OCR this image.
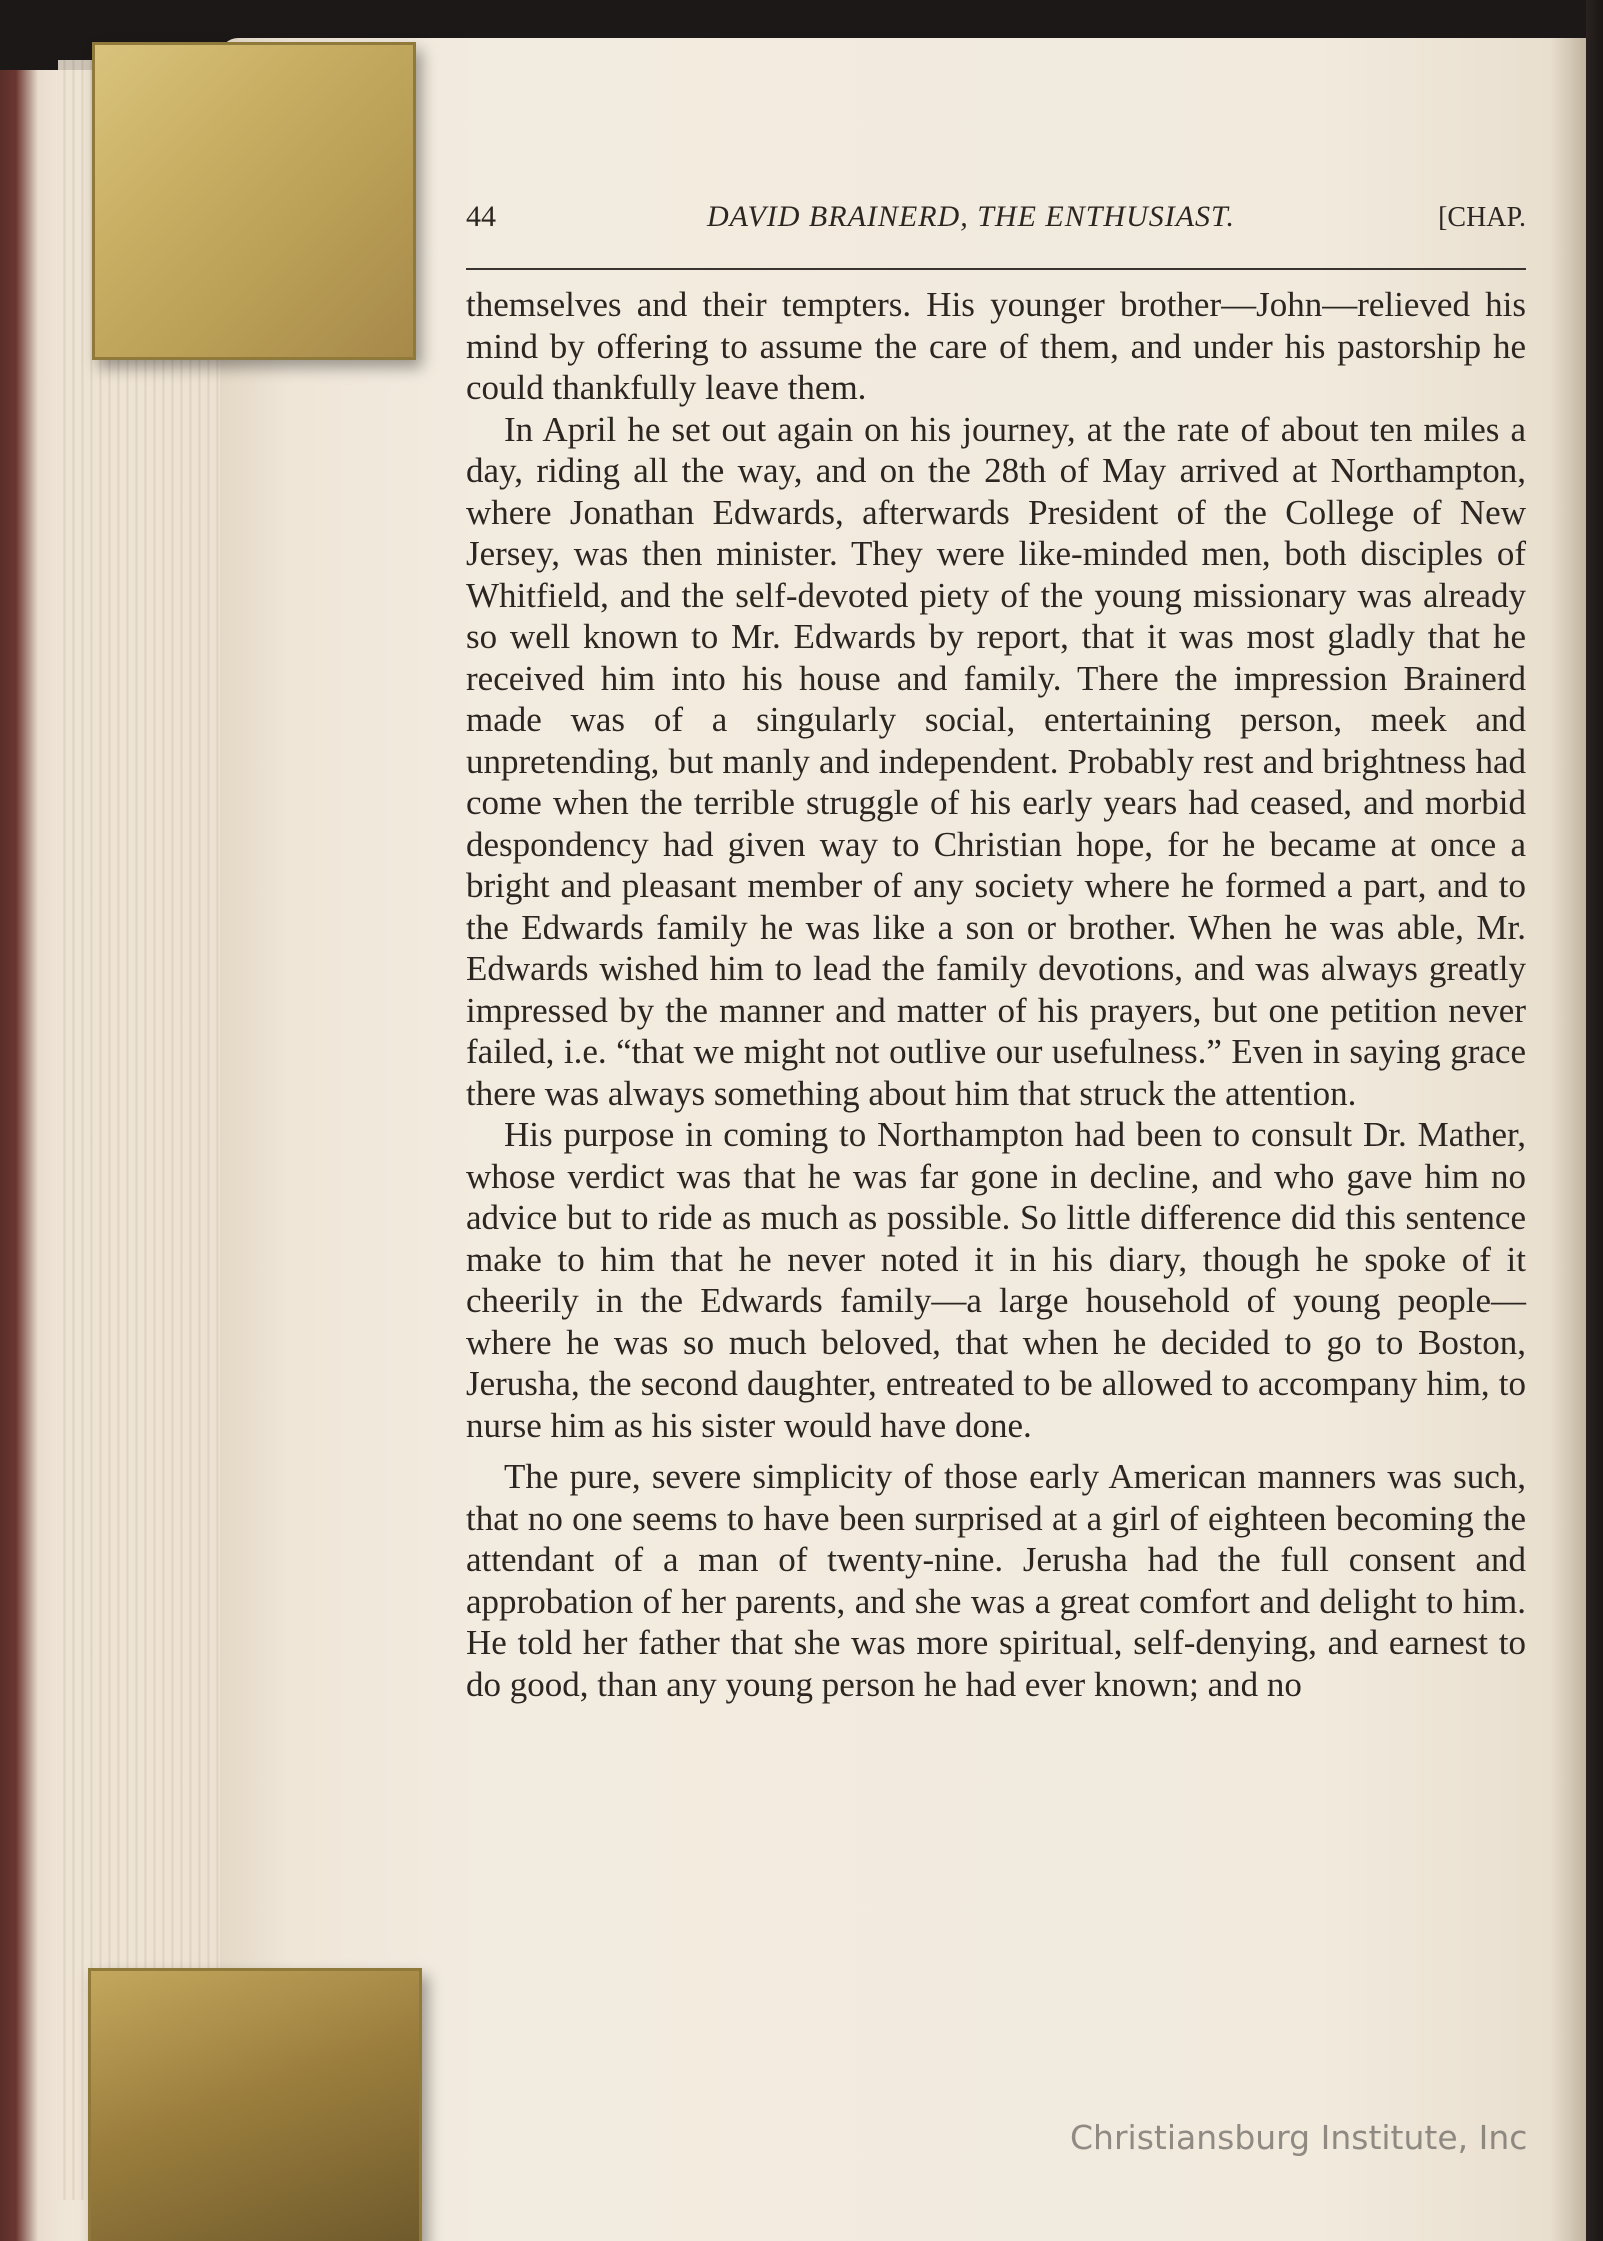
44	DAVID BRAINERD, THE ENTHUSIAST.	[CHAP.

themselves and their tempters. His younger brother—John—relieved his mind by offering to assume the care of them, and under his pastorship he could thankfully leave them.

In April he set out again on his journey, at the rate of about ten miles a day, riding all the way, and on the 28th of May arrived at Northampton, where Jonathan Edwards, afterwards President of the College of New Jersey, was then minister. They were like-minded men, both disciples of Whitfield, and the self-devoted piety of the young missionary was already so well known to Mr. Edwards by report, that it was most gladly that he received him into his house and family. There the impression Brainerd made was of a singularly social, entertaining person, meek and unpretending, but manly and independent. Probably rest and brightness had come when the terrible struggle of his early years had ceased, and morbid despondency had given way to Christian hope, for he became at once a bright and pleasant member of any society where he formed a part, and to the Edwards family he was like a son or brother. When he was able, Mr. Edwards wished him to lead the family devotions, and was always greatly impressed by the manner and matter of his prayers, but one petition never failed, i.e. “that we might not outlive our usefulness.” Even in saying grace there was always something about him that struck the attention.

His purpose in coming to Northampton had been to consult Dr. Mather, whose verdict was that he was far gone in decline, and who gave him no advice but to ride as much as possible. So little difference did this sentence make to him that he never noted it in his diary, though he spoke of it cheerily in the Edwards family—a large household of young people—where he was so much beloved, that when he decided to go to Boston, Jerusha, the second daughter, entreated to be allowed to accompany him, to nurse him as his sister would have done.

The pure, severe simplicity of those early American manners was such, that no one seems to have been surprised at a girl of eighteen becoming the attendant of a man of twenty-nine. Jerusha had the full consent and approbation of her parents, and she was a great comfort and delight to him. He told her father that she was more spiritual, self-denying, and earnest to do good, than any young person he had ever known; and no

Christiansburg Institute, Inc
